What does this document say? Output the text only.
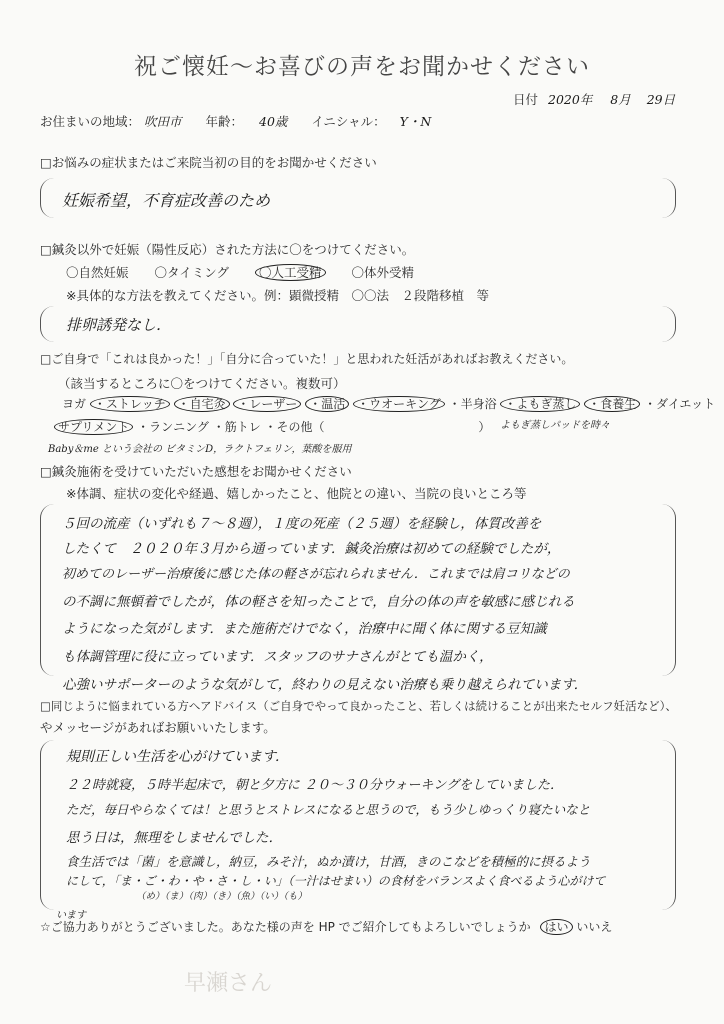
祝ご懐妊〜お喜びの声をお聞かせください
日付 2020年 8月 29日
お住まいの地域： 吹田市 年齢： 40歳 イニシャル： Y・N
□お悩みの症状またはご来院当初の目的をお聞かせください
妊娠希望，不育症改善のため
□鍼灸以外で妊娠（陽性反応）された方法に〇をつけてください。
〇自然妊娠 〇タイミング 〇人工受精 〇体外受精
※具体的な方法を教えてください。例：顕微授精　〇〇法　２段階移植　等
排卵誘発なし．
□ご自身で「これは良かった！」「自分に合っていた！」と思われた妊活があればお教えください。
（該当するところに〇をつけてください。複数可）
ヨガ ・ストレッチ ・自宅灸 ・レーザー ・温活 ・ウオーキング ・半身浴 ・よもぎ蒸し ・食養生 ・ダイエット
サプリメント ・ランニング ・筋トレ ・その他（	） よもぎ蒸しパッドを時々
Baby＆me という会社の ビタミンD，ラクトフェリン，葉酸を服用
□鍼灸施術を受けていただいた感想をお聞かせください
※体調、症状の変化や経過、嬉しかったこと、他院との違い、当院の良いところ等
５回の流産（いずれも７〜８週），１度の死産（２５週）を経験し，体質改善を
したくて　２０２０年３月から通っています．鍼灸治療は初めての経験でしたが，
初めてのレーザー治療後に感じた体の軽さが忘れられません．これまでは肩コリなどの
の不調に無頓着でしたが，体の軽さを知ったことで，自分の体の声を敏感に感じれる
ようになった気がします．また施術だけでなく，治療中に聞く体に関する豆知識
も体調管理に役に立っています．スタッフのサナさんがとても温かく，
心強いサポーターのような気がして，終わりの見えない治療も乗り越えられています．
□同じように悩まれている方へアドバイス（ご自身でやって良かったこと、若しくは続けることが出来たセルフ妊活など）、
やメッセージがあればお願いいたします。
規則正しい生活を心がけています．
２２時就寝，５時半起床で，朝と夕方に ２０〜３０分ウォーキングをしていました．
ただ，毎日やらなくては！と思うとストレスになると思うので，もう少しゆっくり寝たいなと
思う日は，無理をしませんでした．
食生活では「菌」を意識し，納豆，みそ汁，ぬか漬け，甘酒，きのこなどを積極的に摂るよう
にして，「ま・ご・わ・や・さ・し・い」（一汁はせまい）の食材をバランスよく食べるよう心がけて
（め）（ま）（肉）（き）（魚）（い）（も）
います
☆ご協力ありがとうございました。あなた様の声を HP でご紹介してもよろしいでしょうか はい いいえ
早瀬さん
